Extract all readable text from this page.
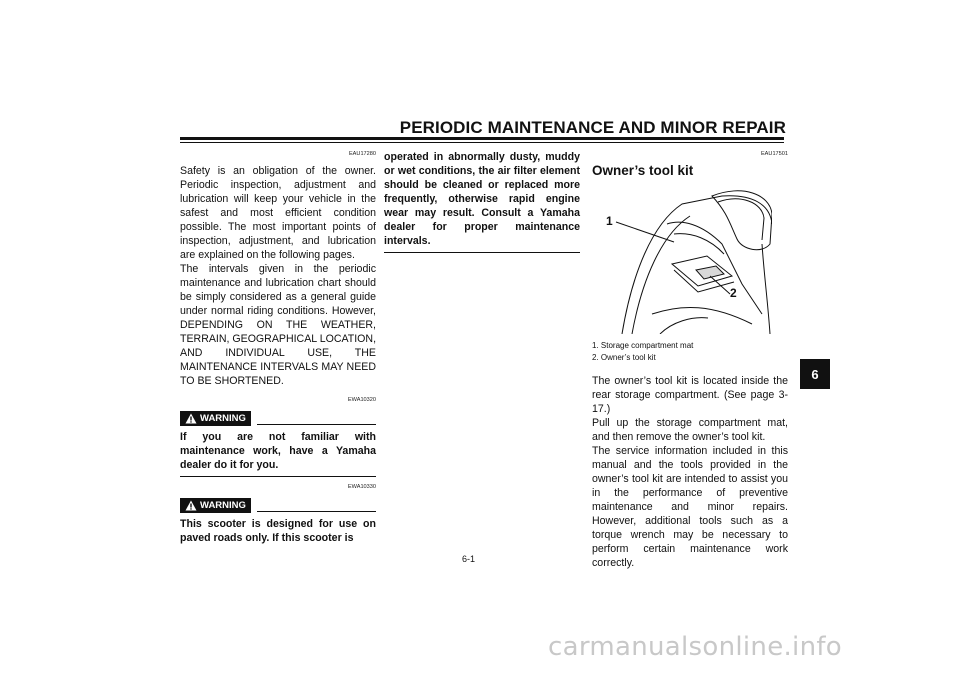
PERIODIC MAINTENANCE AND MINOR REPAIR
EAU17280

Safety is an obligation of the owner. Periodic inspection, adjustment and lubrication will keep your vehicle in the safest and most efficient condition possible. The most important points of inspection, adjustment, and lubrication are explained on the following pages.

The intervals given in the periodic maintenance and lubrication chart should be simply considered as a general guide under normal riding conditions. However, DEPENDING ON THE WEATHER, TERRAIN, GEOGRAPHICAL LOCATION, AND INDIVIDUAL USE, THE MAINTENANCE INTERVALS MAY NEED TO BE SHORTENED.

EWA10320
WARNING
If you are not familiar with maintenance work, have a Yamaha dealer do it for you.
EWA10330
WARNING
This scooter is designed for use on paved roads only. If this scooter is
operated in abnormally dusty, muddy or wet conditions, the air filter element should be cleaned or replaced more frequently, otherwise rapid engine wear may result. Consult a Yamaha dealer for proper maintenance intervals.
EAU17501
Owner’s tool kit
1
2
1. Storage compartment mat
2. Owner’s tool kit

The owner’s tool kit is located inside the rear storage compartment. (See page 3-17.)

Pull up the storage compartment mat, and then remove the owner’s tool kit.

The service information included in this manual and the tools provided in the owner’s tool kit are intended to assist you in the performance of preventive maintenance and minor repairs. However, additional tools such as a torque wrench may be necessary to perform certain maintenance work correctly.

6-1
6
carmanualsonline.info
